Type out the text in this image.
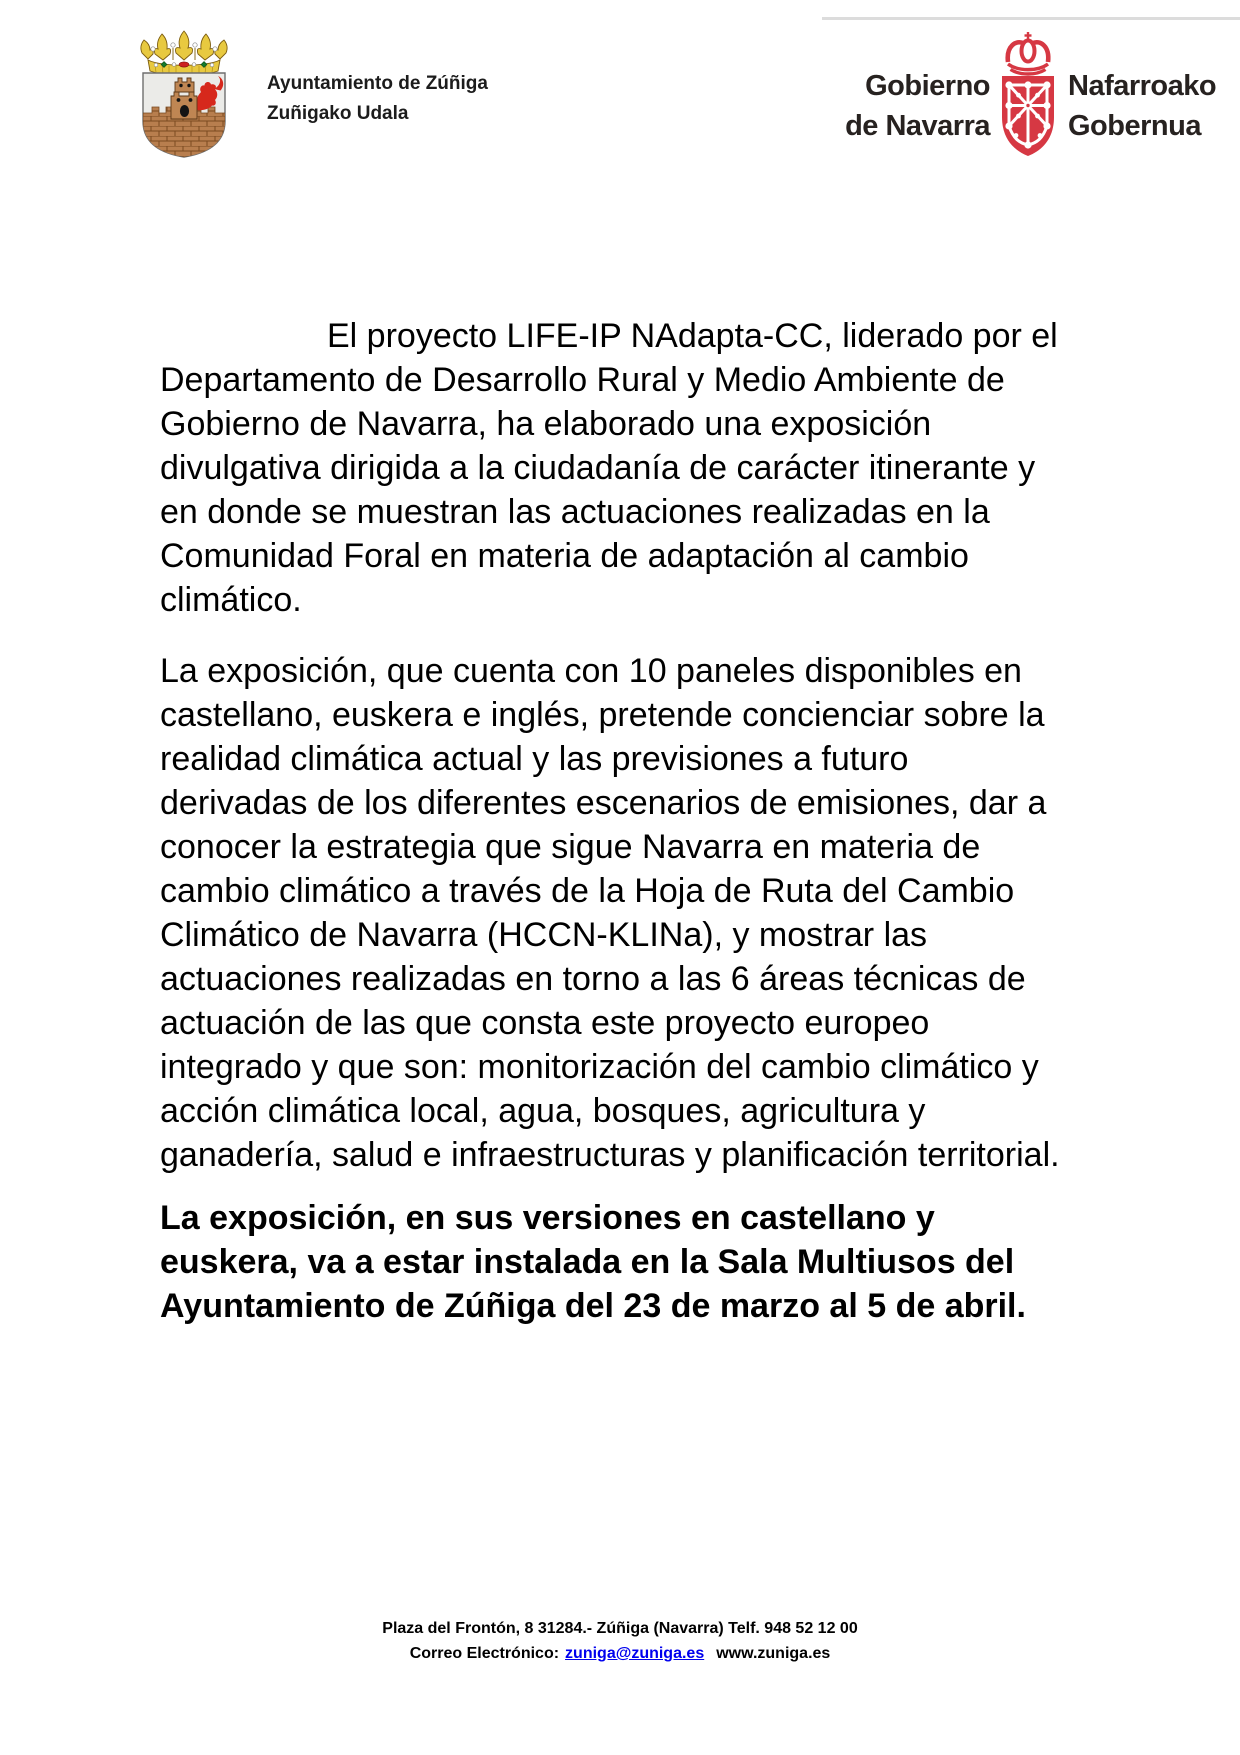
Ayuntamiento de Zúñiga
Zuñigako Udala
Gobierno
de Navarra
Nafarroako
Gobernua
El proyecto LIFE-IP NAdapta-CC, liderado por el
Departamento de Desarrollo Rural y Medio Ambiente de
Gobierno de Navarra, ha elaborado una exposición
divulgativa dirigida a la ciudadanía de carácter itinerante y
en donde se muestran las actuaciones realizadas en la
Comunidad Foral en materia de adaptación al cambio
climático.
La exposición, que cuenta con 10 paneles disponibles en
castellano, euskera e inglés, pretende concienciar sobre la
realidad climática actual y las previsiones a futuro
derivadas de los diferentes escenarios de emisiones, dar a
conocer la estrategia que sigue Navarra en materia de
cambio climático a través de la Hoja de Ruta del Cambio
Climático de Navarra (HCCN-KLINa), y mostrar las
actuaciones realizadas en torno a las 6 áreas técnicas de
actuación de las que consta este proyecto europeo
integrado y que son: monitorización del cambio climático y
acción climática local, agua, bosques, agricultura y
ganadería, salud e infraestructuras y planificación territorial.
La exposición, en sus versiones en castellano y
euskera, va a estar instalada en la Sala Multiusos del
Ayuntamiento de Zúñiga del 23 de marzo al 5 de abril.
Plaza del Frontón, 8 31284.- Zúñiga (Navarra) Telf. 948 52 12 00
Correo Electrónico: zuniga@zuniga.es www.zuniga.es
